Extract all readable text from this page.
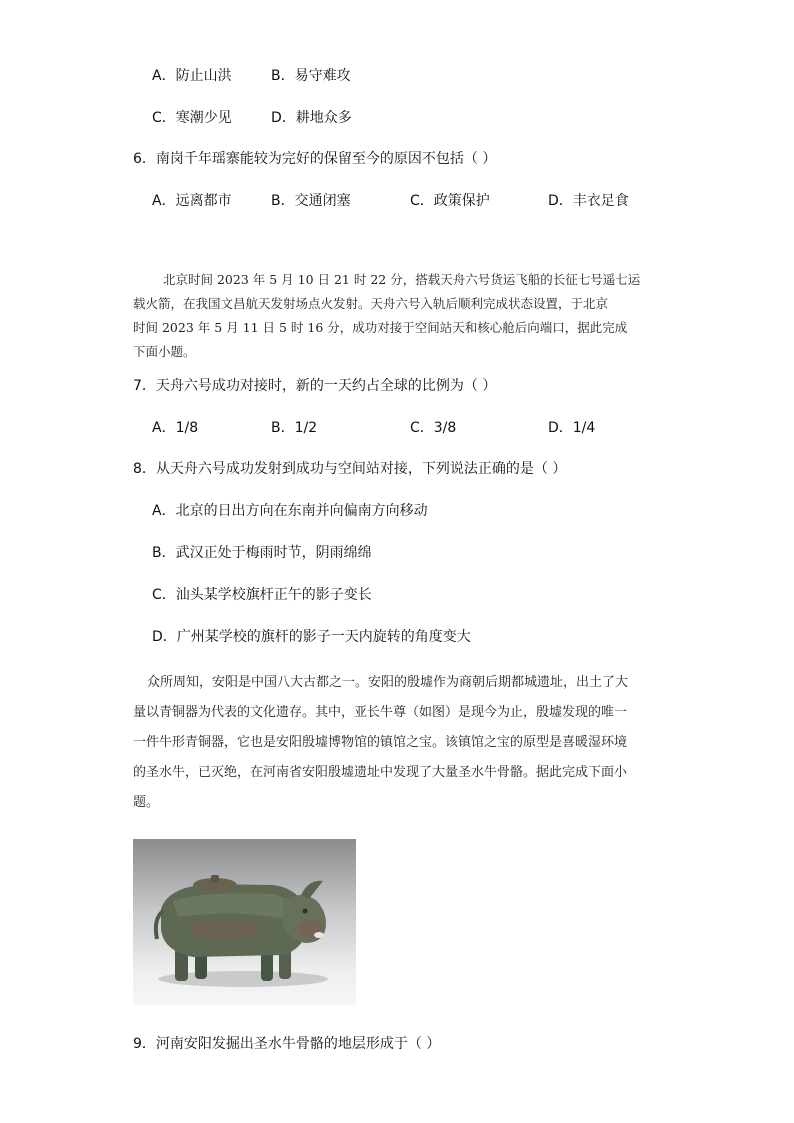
A．防止山洪	B．易守难攻
C．寒潮少见	D．耕地众多
6．南岗千年瑶寨能较为完好的保留至今的原因不包括（ ）
A．远离都市	B．交通闭塞	C．政策保护	D．丰衣足食
北京时间 2023 年 5 月 10 日 21 时 22 分，搭载天舟六号货运飞船的长征七号遥七运
载火箭，在我国文昌航天发射场点火发射。天舟六号入轨后顺利完成状态设置，于北京
时间 2023 年 5 月 11 日 5 时 16 分，成功对接于空间站天和核心舱后向端口，据此完成
下面小题。
7．天舟六号成功对接时，新的一天约占全球的比例为（ ）
A．1/8	B．1/2	C．3/8	D．1/4
8．从天舟六号成功发射到成功与空间站对接，下列说法正确的是（ ）
A．北京的日出方向在东南并向偏南方向移动
B．武汉正处于梅雨时节，阴雨绵绵
C．汕头某学校旗杆正午的影子变长
D．广州某学校的旗杆的影子一天内旋转的角度变大
众所周知，安阳是中国八大古都之一。安阳的殷墟作为商朝后期都城遗址，出土了大
量以青铜器为代表的文化遗存。其中，亚长牛尊（如图）是现今为止，殷墟发现的唯一
一件牛形青铜器，它也是安阳殷墟博物馆的镇馆之宝。该镇馆之宝的原型是喜暖湿环境
的圣水牛，已灭绝，在河南省安阳殷墟遗址中发现了大量圣水牛骨骼。据此完成下面小
题。
9．河南安阳发掘出圣水牛骨骼的地层形成于（ ）
